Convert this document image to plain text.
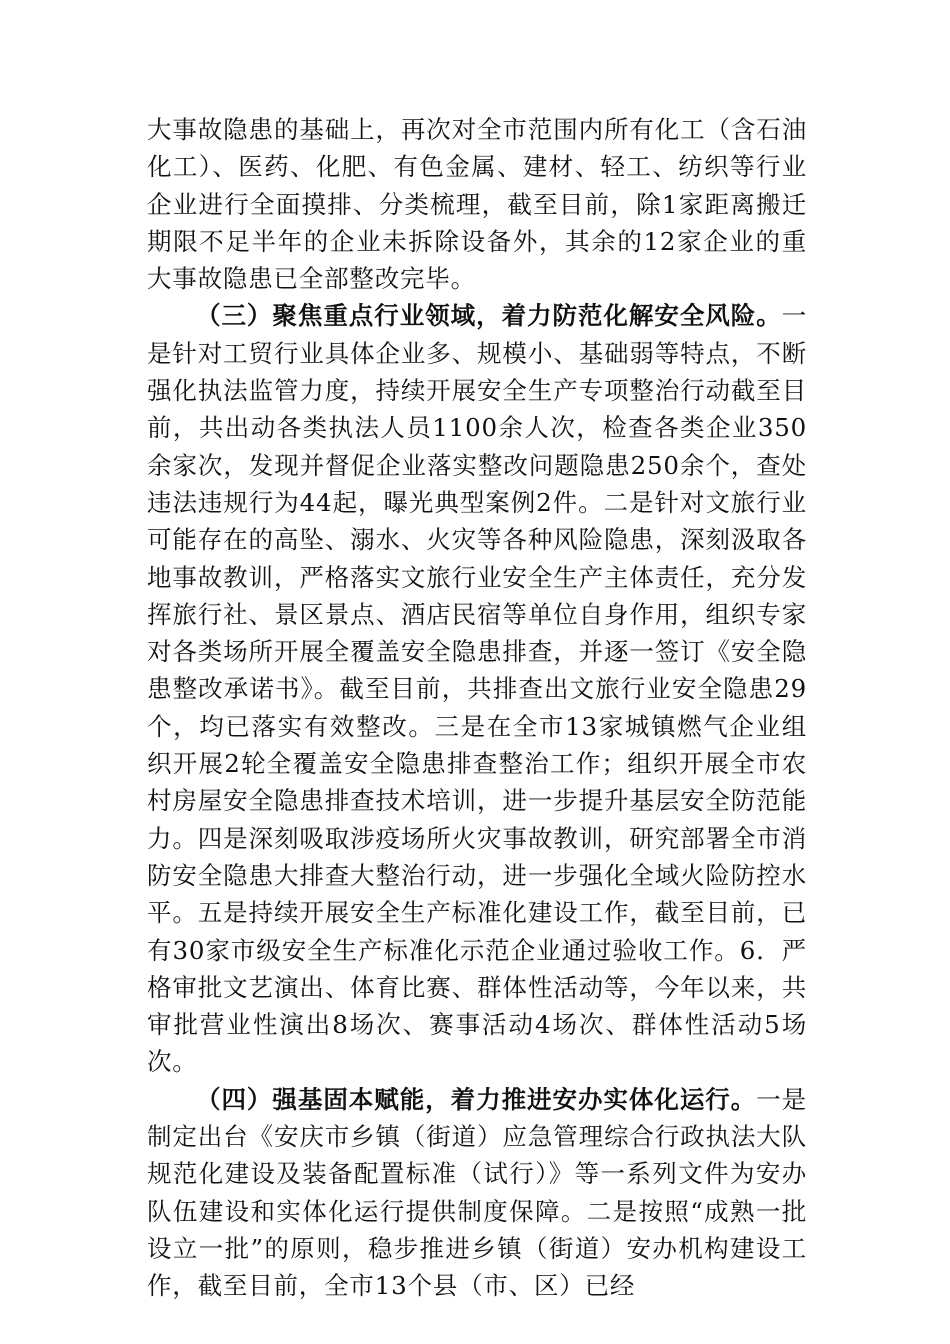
大事故隐患的基础上，再次对全市范围内所有化工（含石油化工）、医药、化肥、有色金属、建材、轻工、纺织等行业企业进行全面摸排、分类梳理，截至目前，除1家距离搬迁期限不足半年的企业未拆除设备外，其余的12家企业的重大事故隐患已全部整改完毕。

（三）聚焦重点行业领域，着力防范化解安全风险。一是针对工贸行业具体企业多、规模小、基础弱等特点，不断强化执法监管力度，持续开展安全生产专项整治行动截至目前，共出动各类执法人员1100余人次，检查各类企业350余家次，发现并督促企业落实整改问题隐患250余个，查处违法违规行为44起，曝光典型案例2件。二是针对文旅行业可能存在的高坠、溺水、火灾等各种风险隐患，深刻汲取各地事故教训，严格落实文旅行业安全生产主体责任，充分发挥旅行社、景区景点、酒店民宿等单位自身作用，组织专家对各类场所开展全覆盖安全隐患排查，并逐一签订《安全隐患整改承诺书》。截至目前，共排查出文旅行业安全隐患29个，均已落实有效整改。三是在全市13家城镇燃气企业组织开展2轮全覆盖安全隐患排查整治工作；组织开展全市农村房屋安全隐患排查技术培训，进一步提升基层安全防范能力。四是深刻吸取涉疫场所火灾事故教训，研究部署全市消防安全隐患大排查大整治行动，进一步强化全域火险防控水平。五是持续开展安全生产标准化建设工作，截至目前，已有30家市级安全生产标准化示范企业通过验收工作。6．严格审批文艺演出、体育比赛、群体性活动等，今年以来，共审批营业性演出8场次、赛事活动4场次、群体性活动5场次。

（四）强基固本赋能，着力推进安办实体化运行。一是制定出台《安庆市乡镇（街道）应急管理综合行政执法大队规范化建设及装备配置标准（试行）》等一系列文件为安办队伍建设和实体化运行提供制度保障。二是按照“成熟一批设立一批”的原则，稳步推进乡镇（街道）安办机构建设工作，截至目前，全市13个县（市、区）已经
